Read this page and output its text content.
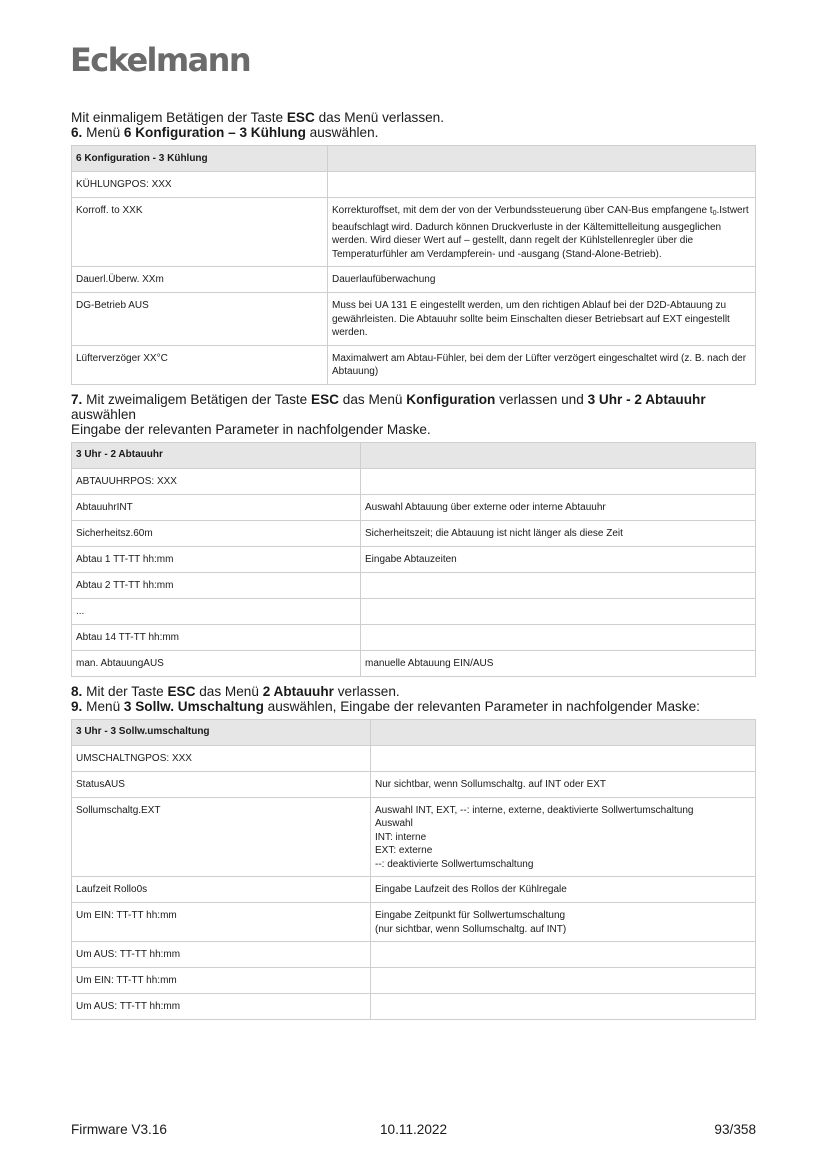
Eckelmann

Mit einmaligem Betätigen der Taste ESC das Menü verlassen.

6. Menü 6 Konfiguration – 3 Kühlung auswählen.

6 Konfiguration - 3 Kühlung	
KÜHLUNGPOS: XXX	
Korroff. to XXK	Korrekturoffset, mit dem der von der Verbundssteuerung über CAN-Bus empfangene $t_0.Istwert$ beaufschlagt wird. Dadurch können Druckverluste in der Kältemittelleitung ausgeglichen werden. Wird dieser Wert auf – gestellt, dann regelt der Kühlstellenregler über die Temperaturfühler am Verdampferein- und -ausgang (Stand-Alone-Betrieb).
Dauerl.Überw. XXm	Dauerlaufüberwachung
DG-Betrieb AUS	Muss bei UA 131 E eingestellt werden, um den richtigen Ablauf bei der D2D-Abtauung zu gewährleisten. Die Abtauuhr sollte beim Einschalten dieser Betriebsart auf EXT eingestellt werden.
Lüfterverzöger XX°C	Maximalwert am Abtau-Fühler, bei dem der Lüfter verzögert eingeschaltet wird (z. B. nach der Abtauung)

7. Mit zweimaligem Betätigen der Taste ESC das Menü Konfiguration verlassen und 3 Uhr - 2 Abtauuhr auswählen

Eingabe der relevanten Parameter in nachfolgender Maske.

3 Uhr - 2 Abtauuhr	
ABTAUUHRPOS: XXX	
AbtauuhrINT	Auswahl Abtauung über externe oder interne Abtauuhr
Sicherheitsz.60m	Sicherheitszeit; die Abtauung ist nicht länger als diese Zeit
Abtau 1 TT-TT hh:mm	Eingabe Abtauzeiten
Abtau 2 TT-TT hh:mm	
...	
Abtau 14 TT-TT hh:mm	
man. AbtauungAUS	manuelle Abtauung EIN/AUS

8. Mit der Taste ESC das Menü 2 Abtauuhr verlassen.

9. Menü 3 Sollw. Umschaltung auswählen, Eingabe der relevanten Parameter in nachfolgender Maske:

3 Uhr - 3 Sollw.umschaltung	
UMSCHALTNGPOS: XXX	
StatusAUS	Nur sichtbar, wenn Sollumschaltg. auf INT oder EXT
Sollumschaltg.EXT	Auswahl INT, EXT, --: interne, externe, deaktivierte Sollwertumschaltung
Auswahl
INT: interne
EXT: externe
--: deaktivierte Sollwertumschaltung

Laufzeit Rollo0s	Eingabe Laufzeit des Rollos der Kühlregale
Um EIN: TT-TT hh:mm	Eingabe Zeitpunkt für Sollwertumschaltung
(nur sichtbar, wenn Sollumschaltg. auf INT)

Um AUS: TT-TT hh:mm	
Um EIN: TT-TT hh:mm	
Um AUS: TT-TT hh:mm	
Firmware V3.16	10.11.2022	93/358
